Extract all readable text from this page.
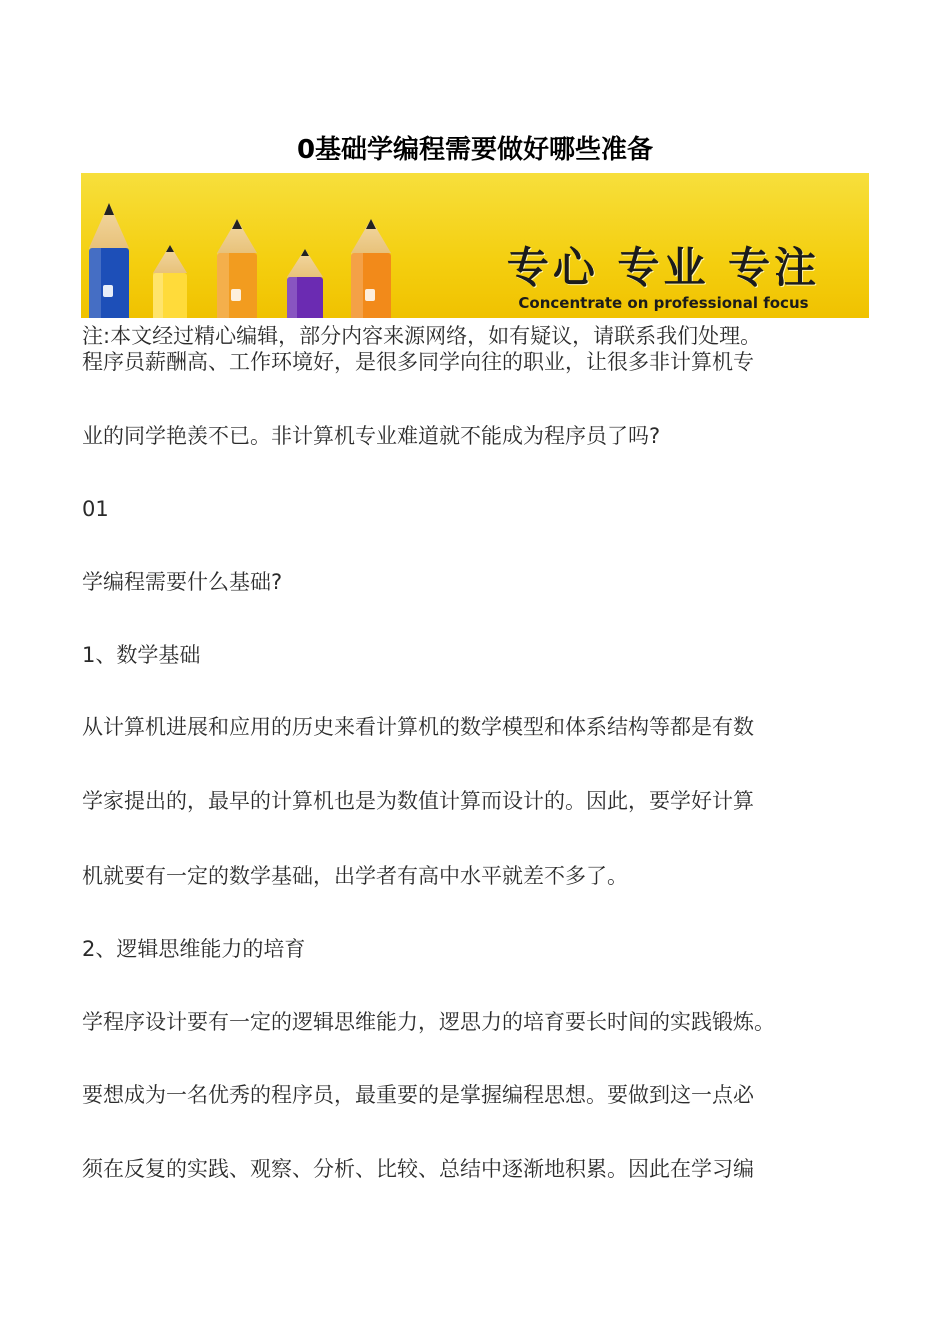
0基础学编程需要做好哪些准备
专心 专业 专注
Concentrate on professional focus
注:本文经过精心编辑，部分内容来源网络，如有疑议，请联系我们处理。
程序员薪酬高、工作环境好，是很多同学向往的职业，让很多非计算机专
业的同学艳羡不已。非计算机专业难道就不能成为程序员了吗?
01
学编程需要什么基础?
1、数学基础
从计算机进展和应用的历史来看计算机的数学模型和体系结构等都是有数
学家提出的，最早的计算机也是为数值计算而设计的。因此，要学好计算
机就要有一定的数学基础，出学者有高中水平就差不多了。
2、逻辑思维能力的培育
学程序设计要有一定的逻辑思维能力，逻思力的培育要长时间的实践锻炼。
要想成为一名优秀的程序员，最重要的是掌握编程思想。要做到这一点必
须在反复的实践、观察、分析、比较、总结中逐渐地积累。因此在学习编
